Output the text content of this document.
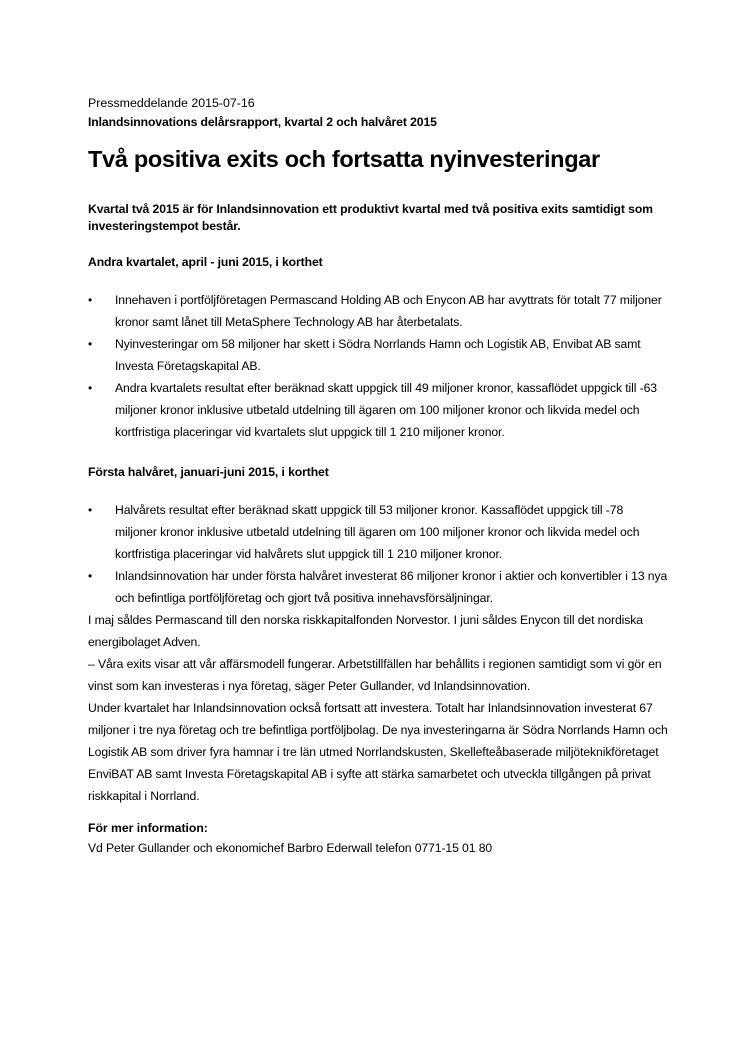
Pressmeddelande 2015-07-16

Inlandsinnovations delårsrapport, kvartal 2 och halvåret 2015

Två positiva exits och fortsatta nyinvesteringar

Kvartal två 2015 är för Inlandsinnovation ett produktivt kvartal med två positiva exits samtidigt som investeringstempot består.

Andra kvartalet, april - juni 2015, i korthet
• Innehaven i portföljföretagen Permascand Holding AB och Enycon AB har avyttrats för totalt 77 miljoner kronor samt lånet till MetaSphere Technology AB har återbetalats.
• Nyinvesteringar om 58 miljoner har skett i Södra Norrlands Hamn och Logistik AB, Envibat AB samt Investa Företagskapital AB.
• Andra kvartalets resultat efter beräknad skatt uppgick till 49 miljoner kronor, kassaflödet uppgick till -63 miljoner kronor inklusive utbetald utdelning till ägaren om 100 miljoner kronor och likvida medel och kortfristiga placeringar vid kvartalets slut uppgick till 1 210 miljoner kronor.
Första halvåret, januari-juni 2015, i korthet
• Halvårets resultat efter beräknad skatt uppgick till 53 miljoner kronor. Kassaflödet uppgick till -78 miljoner kronor inklusive utbetald utdelning till ägaren om 100 miljoner kronor och likvida medel och kortfristiga placeringar vid halvårets slut uppgick till 1 210 miljoner kronor.
• Inlandsinnovation har under första halvåret investerat 86 miljoner kronor i aktier och konvertibler i 13 nya och befintliga portföljföretag och gjort två positiva innehavsförsäljningar.

I maj såldes Permascand till den norska riskkapitalfonden Norvestor. I juni såldes Enycon till det nordiska energibolaget Adven.

– Våra exits visar att vår affärsmodell fungerar. Arbetstillfällen har behållits i regionen samtidigt som vi gör en vinst som kan investeras i nya företag, säger Peter Gullander, vd Inlandsinnovation.

Under kvartalet har Inlandsinnovation också fortsatt att investera. Totalt har Inlandsinnovation investerat 67 miljoner i tre nya företag och tre befintliga portföljbolag. De nya investeringarna är Södra Norrlands Hamn och Logistik AB som driver fyra hamnar i tre län utmed Norrlandskusten, Skellefteåbaserade miljöteknikföretaget EnviBAT AB samt Investa Företagskapital AB i syfte att stärka samarbetet och utveckla tillgången på privat riskkapital i Norrland.

För mer information:

Vd Peter Gullander och ekonomichef Barbro Ederwall telefon 0771-15 01 80
